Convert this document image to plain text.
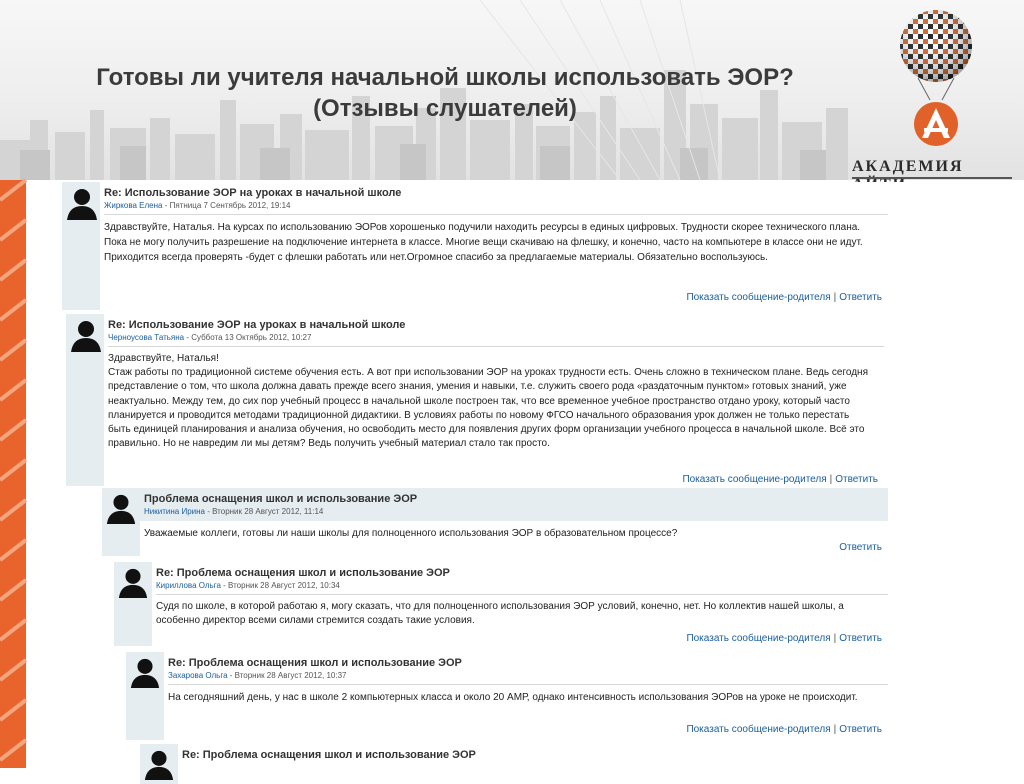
Готовы ли учителя начальной школы использовать ЭОР?
(Отзывы слушателей)
АКАДЕМИЯ
Re: Использование ЭОР на уроках в начальной школе
Жиркова Елена - Пятница 7 Сентябрь 2012, 19:14
Здравствуйте, Наталья. На курсах по использованию ЭОРов хорошенько подучили находить ресурсы в единых цифровых. Трудности скорее технического плана. Пока не могу получить разрешение на подключение интернета в классе. Многие вещи скачиваю на флешку, и конечно, часто на компьютере в классе они не идут. Приходится всегда проверять -будет с флешки работать или нет.Огромное спасибо за предлагаемые материалы. Обязательно воспользуюсь.
Показать сообщение-родителя | Ответить
Re: Использование ЭОР на уроках в начальной школе
Черноусова Татьяна - Суббота 13 Октябрь 2012, 10:27
Здравствуйте, Наталья!
Стаж работы по традиционной системе обучения есть. А вот при использовании ЭОР на уроках трудности есть. Очень сложно в техническом плане. Ведь сегодня представление о том, что школа должна давать прежде всего знания, умения и навыки, т.е. служить своего рода «раздаточным пунктом» готовых знаний, уже неактуально. Между тем, до сих пор учебный процесс в начальной школе построен так, что все временное учебное пространство отдано уроку, который часто планируется и проводится методами традиционной дидактики. В условиях работы по новому ФГСО начального образования урок должен не только перестать быть единицей планирования и анализа обучения, но освободить место для появления других форм организации учебного процесса в начальной школе. Всё это правильно. Но не навредим ли мы детям? Ведь получить учебный материал стало так просто.
Показать сообщение-родителя | Ответить
Проблема оснащения школ и использование ЭОР
Никитина Ирина - Вторник 28 Август 2012, 11:14
Уважаемые коллеги, готовы ли наши школы для полноценного использования ЭОР в образовательном процессе?
Ответить
Re: Проблема оснащения школ и использование ЭОР
Кириллова Ольга - Вторник 28 Август 2012, 10:34
Судя по школе, в которой работаю я, могу сказать, что для полноценного использования ЭОР условий, конечно, нет. Но коллектив нашей школы, а особенно директор всеми силами стремится создать такие условия.
Показать сообщение-родителя | Ответить
Re: Проблема оснащения школ и использование ЭОР
Захарова Ольга - Вторник 28 Август 2012, 10:37
На сегодняшний день, у нас в школе 2 компьютерных класса и около 20 АМР, однако интенсивность использования ЭОРов на уроке не происходит.
Показать сообщение-родителя | Ответить
Re: Проблема оснащения школ и использование ЭОР
